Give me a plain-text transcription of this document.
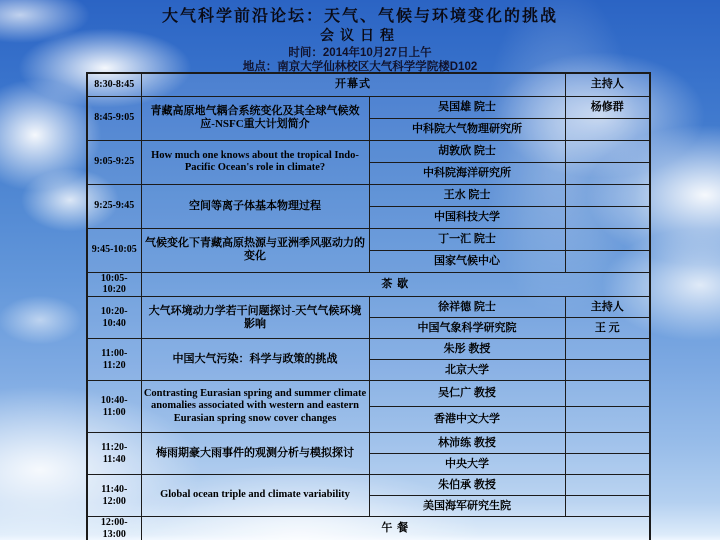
大气科学前沿论坛：天气、气候与环境变化的挑战
会议日程
时间：2014年10月27日上午
地点：南京大学仙林校区大气科学学院楼D102
8:30-8:45	开幕式		主持人
8:45-9:05	青藏高原地气耦合系统变化及其全球气候效应-NSFC重大计划简介	吴国雄 院士	杨修群
		中科院大气物理研究所	
9:05-9:25	How much one knows about the tropical Indo-Pacific Ocean's role in climate?	胡敦欣 院士	
		中科院海洋研究所	
9:25-9:45	空间等离子体基本物理过程	王水 院士	
		中国科技大学	
9:45-10:05	气候变化下青藏高原热源与亚洲季风驱动力的变化	丁一汇 院士	
		国家气候中心	
10:05-10:20	茶 歇		
10:20-10:40	大气环境动力学若干问题探讨-天气气候环境影响	徐祥德 院士	主持人
		中国气象科学研究院	王 元
11:00-11:20	中国大气污染：科学与政策的挑战	朱彤 教授	
		北京大学	
10:40-11:00	Contrasting Eurasian spring and summer climate anomalies associated with western and eastern Eurasian spring snow cover changes	吴仁广 教授	
		香港中文大学	
11:20-11:40	梅雨期豪大雨事件的观测分析与模拟探讨	林沛练 教授	
		中央大学	
11:40-12:00	Global ocean triple and climate variability	朱伯承 教授	
		美国海军研究生院	
12:00-13:00	午 餐		
